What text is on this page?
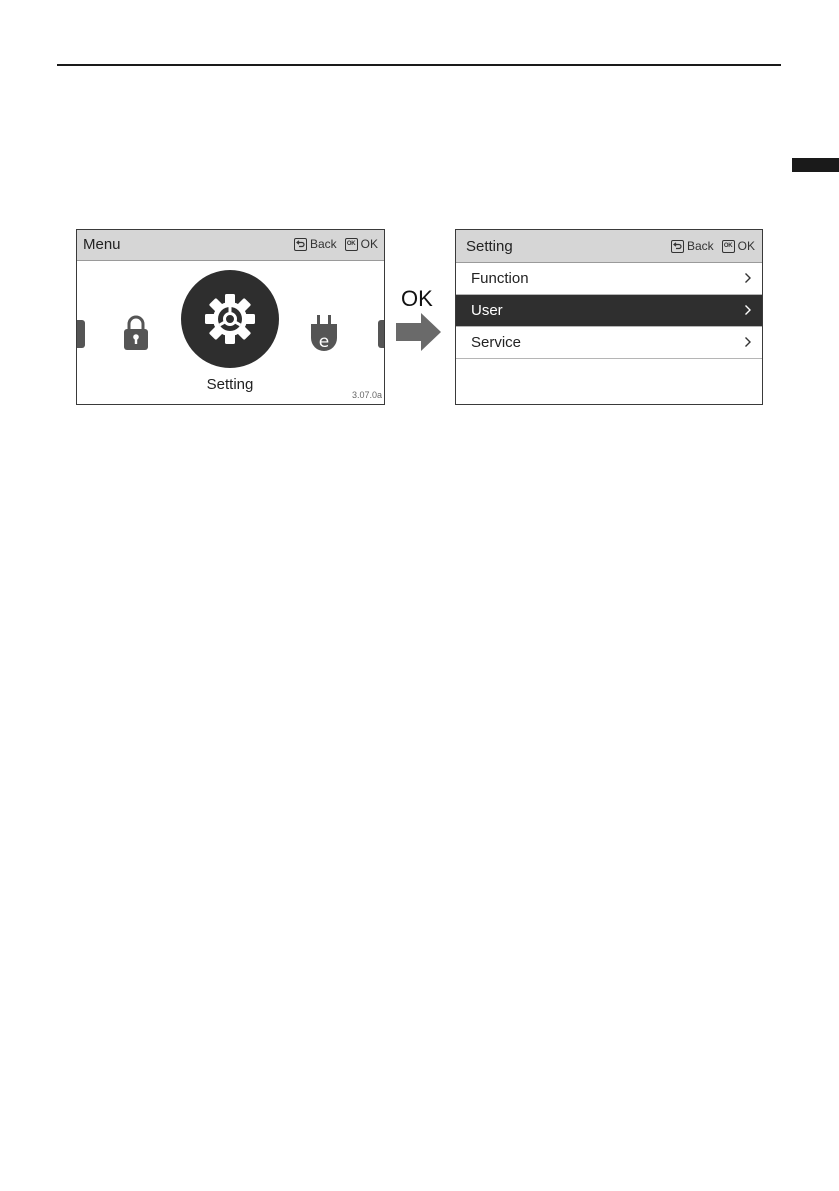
Menu	Back	OK OK
Setting
e
3.07.0a
OK
Setting	Back	OK OK
Function
User
Service
